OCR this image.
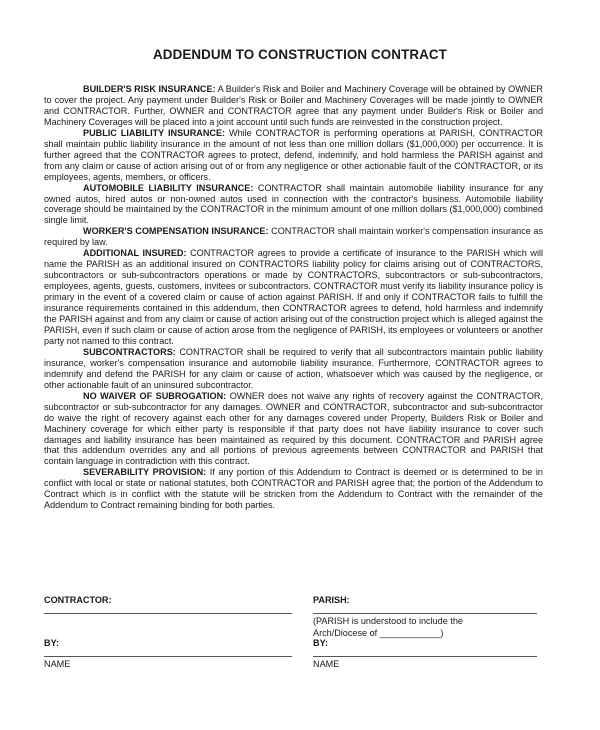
ADDENDUM TO CONSTRUCTION CONTRACT

BUILDER'S RISK INSURANCE: A Builder's Risk and Boiler and Machinery Coverage will be obtained by OWNER to cover the project. Any payment under Builder's Risk or Boiler and Machinery Coverages will be made jointly to OWNER and CONTRACTOR. Further, OWNER and CONTRACTOR agree that any payment under Builder's Risk or Boiler and Machinery Coverages will be placed into a joint account until such funds are reinvested in the construction project.

PUBLIC LIABILITY INSURANCE: While CONTRACTOR is performing operations at PARISH, CONTRACTOR shall maintain public liability insurance in the amount of not less than one million dollars ($1,000,000) per occurrence. It is further agreed that the CONTRACTOR agrees to protect, defend, indemnify, and hold harmless the PARISH against and from any claim or cause of action arising out of or from any negligence or other actionable fault of the CONTRACTOR, or its employees, agents, members, or officers.

AUTOMOBILE LIABILITY INSURANCE: CONTRACTOR shall maintain automobile liability insurance for any owned autos, hired autos or non-owned autos used in connection with the contractor's business. Automobile liability coverage should be maintained by the CONTRACTOR in the minimum amount of one million dollars ($1,000,000) combined single limit.

WORKER'S COMPENSATION INSURANCE: CONTRACTOR shall maintain worker's compensation insurance as required by law.

ADDITIONAL INSURED: CONTRACTOR agrees to provide a certificate of insurance to the PARISH which will name the PARISH as an additional insured on CONTRACTORS liability policy for claims arising out of CONTRACTORS, subcontractors or sub-subcontractors operations or made by CONTRACTORS, subcontractors or sub-subcontractors, employees, agents, guests, customers, invitees or subcontractors. CONTRACTOR must verify its liability insurance policy is primary in the event of a covered claim or cause of action against PARISH. If and only if CONTRACTOR fails to fulfill the insurance requirements contained in this addendum, then CONTRACTOR agrees to defend, hold harmless and indemnify the PARISH against and from any claim or cause of action arising out of the construction project which is alleged against the PARISH, even if such claim or cause of action arose from the negligence of PARISH, its employees or volunteers or another party not named to this contract.

SUBCONTRACTORS: CONTRACTOR shall be required to verify that all subcontractors maintain public liability insurance, worker's compensation insurance and automobile liability insurance. Furthermore, CONTRACTOR agrees to indemnify and defend the PARISH for any claim or cause of action, whatsoever which was caused by the negligence, or other actionable fault of an uninsured subcontractor.

NO WAIVER OF SUBROGATION: OWNER does not waive any rights of recovery against the CONTRACTOR, subcontractor or sub-subcontractor for any damages. OWNER and CONTRACTOR, subcontractor and sub-subcontractor do waive the right of recovery against each other for any damages covered under Property, Builders Risk or Boiler and Machinery coverage for which either party is responsible if that party does not have liability insurance to cover such damages and liability insurance has been maintained as required by this document. CONTRACTOR and PARISH agree that this addendum overrides any and all portions of previous agreements between CONTRACTOR and PARISH that contain language in contradiction with this contract.

SEVERABILITY PROVISION: If any portion of this Addendum to Contract is deemed or is determined to be in conflict with local or state or national statutes, both CONTRACTOR and PARISH agree that; the portion of the Addendum to Contract which is in conflict with the statute will be stricken from the Addendum to Contract with the remainder of the Addendum to Contract remaining binding for both parties.

CONTRACTOR:	PARISH:
(PARISH is understood to include the
Arch/Diocese of ____________)
BY:	BY:
NAME	NAME
